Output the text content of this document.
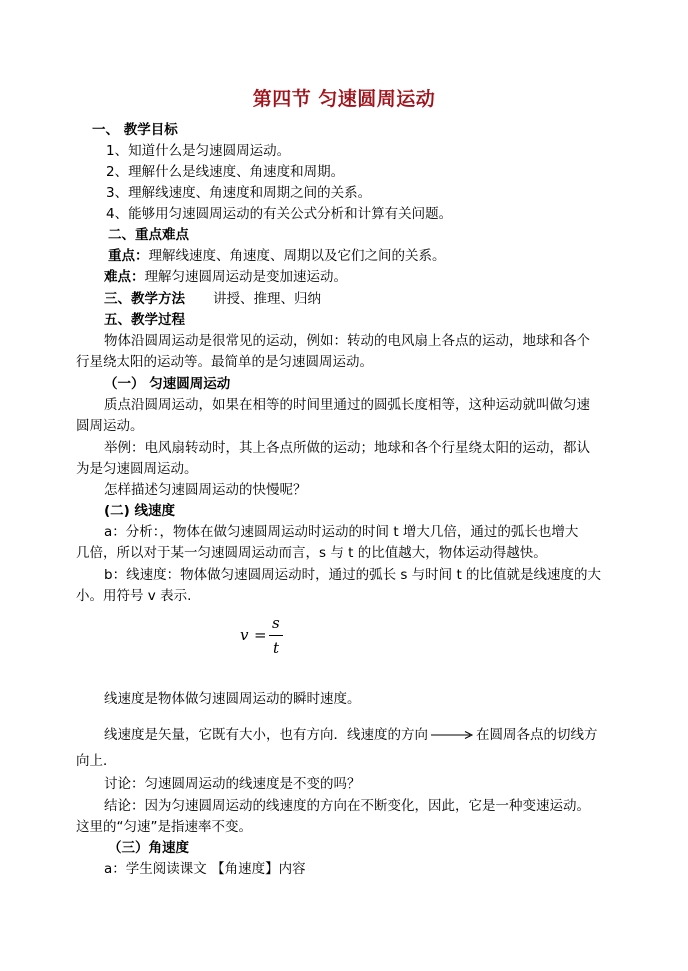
第四节 匀速圆周运动
一、 教学目标
1、知道什么是匀速圆周运动。
2、理解什么是线速度、角速度和周期。
3、理解线速度、角速度和周期之间的关系。
4、能够用匀速圆周运动的有关公式分析和计算有关问题。
二、重点难点
重点：理解线速度、角速度、周期以及它们之间的关系。
难点：理解匀速圆周运动是变加速运动。
三、教学方法 讲授、推理、归纳
五、教学过程
物体沿圆周运动是很常见的运动，例如：转动的电风扇上各点的运动，地球和各个
行星绕太阳的运动等。最简单的是匀速圆周运动。
（一） 匀速圆周运动
质点沿圆周运动，如果在相等的时间里通过的圆弧长度相等，这种运动就叫做匀速
圆周运动。
举例：电风扇转动时，其上各点所做的运动；地球和各个行星绕太阳的运动，都认
为是匀速圆周运动。
怎样描述匀速圆周运动的快慢呢？
(二) 线速度
a：分析：，物体在做匀速圆周运动时运动的时间 t 增大几倍，通过的弧长也增大
几倍，所以对于某一匀速圆周运动而言，s 与 t 的比值越大，物体运动得越快。
b：线速度：物体做匀速圆周运动时，通过的弧长 s 与时间 t 的比值就是线速度的大
小。用符号 v 表示.
v =
s
t
线速度是物体做匀速圆周运动的瞬时速度。
线速度是矢量，它既有大小，也有方向．线速度的方向	在圆周各点的切线方
向上．
讨论：匀速圆周运动的线速度是不变的吗？
结论：因为匀速圆周运动的线速度的方向在不断变化，因此，它是一种变速运动。
这里的“匀速”是指速率不变。
（三）角速度
a：学生阅读课文 【角速度】内容
